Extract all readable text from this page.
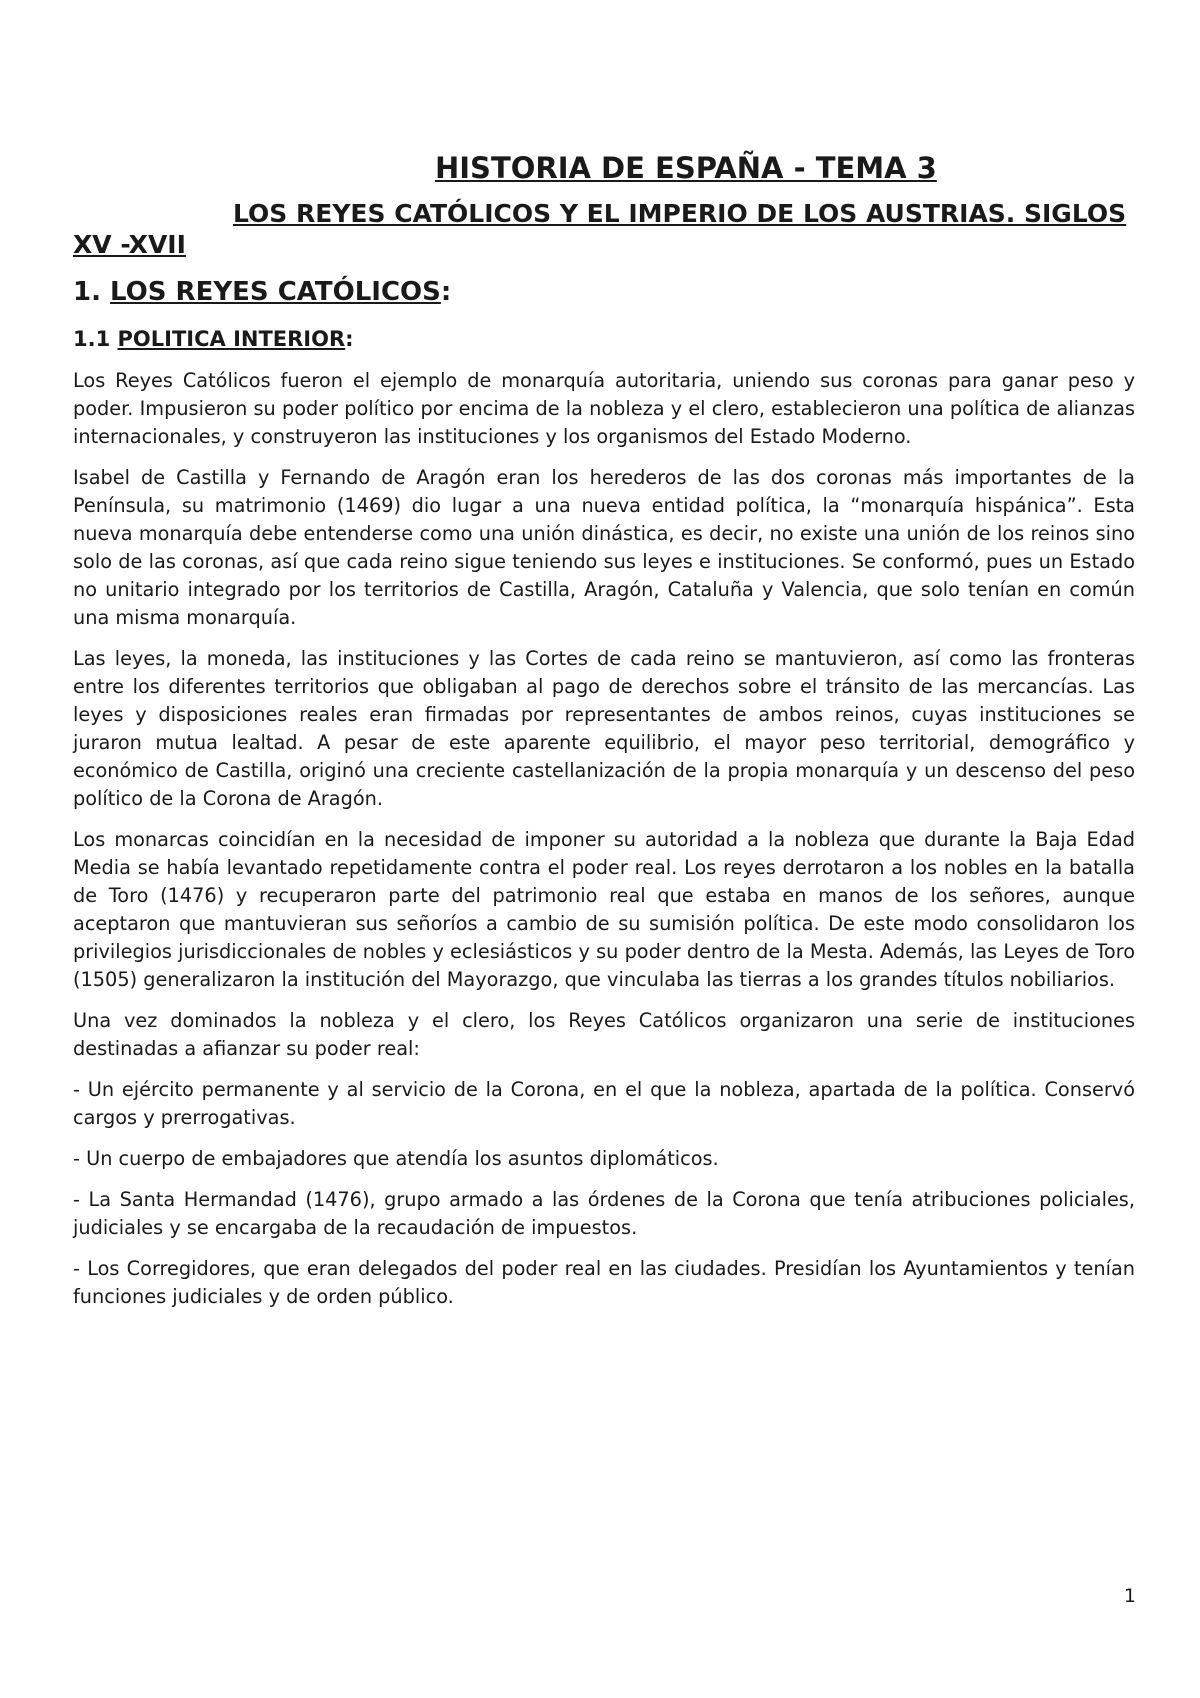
HISTORIA DE ESPAÑA - TEMA 3
LOS REYES CATÓLICOS Y EL IMPERIO DE LOS AUSTRIAS. SIGLOS XV -XVII
1. LOS REYES CATÓLICOS:
1.1 POLITICA INTERIOR:

Los Reyes Católicos fueron el ejemplo de monarquía autoritaria, uniendo sus coronas para ganar peso y poder. Impusieron su poder político por encima de la nobleza y el clero, establecieron una política de alianzas internacionales, y construyeron las instituciones y los organismos del Estado Moderno.

Isabel de Castilla y Fernando de Aragón eran los herederos de las dos coronas más importantes de la Península, su matrimonio (1469) dio lugar a una nueva entidad política, la “monarquía hispánica”. Esta nueva monarquía debe entenderse como una unión dinástica, es decir, no existe una unión de los reinos sino solo de las coronas, así que cada reino sigue teniendo sus leyes e instituciones. Se conformó, pues un Estado no unitario integrado por los territorios de Castilla, Aragón, Cataluña y Valencia, que solo tenían en común una misma monarquía.

Las leyes, la moneda, las instituciones y las Cortes de cada reino se mantuvieron, así como las fronteras entre los diferentes territorios que obligaban al pago de derechos sobre el tránsito de las mercancías. Las leyes y disposiciones reales eran firmadas por representantes de ambos reinos, cuyas instituciones se juraron mutua lealtad. A pesar de este aparente equilibrio, el mayor peso territorial, demográfico y económico de Castilla, originó una creciente castellanización de la propia monarquía y un descenso del peso político de la Corona de Aragón.

Los monarcas coincidían en la necesidad de imponer su autoridad a la nobleza que durante la Baja Edad Media se había levantado repetidamente contra el poder real. Los reyes derrotaron a los nobles en la batalla de Toro (1476) y recuperaron parte del patrimonio real que estaba en manos de los señores, aunque aceptaron que mantuvieran sus señoríos a cambio de su sumisión política. De este modo consolidaron los privilegios jurisdiccionales de nobles y eclesiásticos y su poder dentro de la Mesta. Además, las Leyes de Toro (1505) generalizaron la institución del Mayorazgo, que vinculaba las tierras a los grandes títulos nobiliarios.

Una vez dominados la nobleza y el clero, los Reyes Católicos organizaron una serie de instituciones destinadas a afianzar su poder real:

- Un ejército permanente y al servicio de la Corona, en el que la nobleza, apartada de la política. Conservó cargos y prerrogativas.

- Un cuerpo de embajadores que atendía los asuntos diplomáticos.

- La Santa Hermandad (1476), grupo armado a las órdenes de la Corona que tenía atribuciones policiales, judiciales y se encargaba de la recaudación de impuestos.

- Los Corregidores, que eran delegados del poder real en las ciudades. Presidían los Ayuntamientos y tenían funciones judiciales y de orden público.

1
